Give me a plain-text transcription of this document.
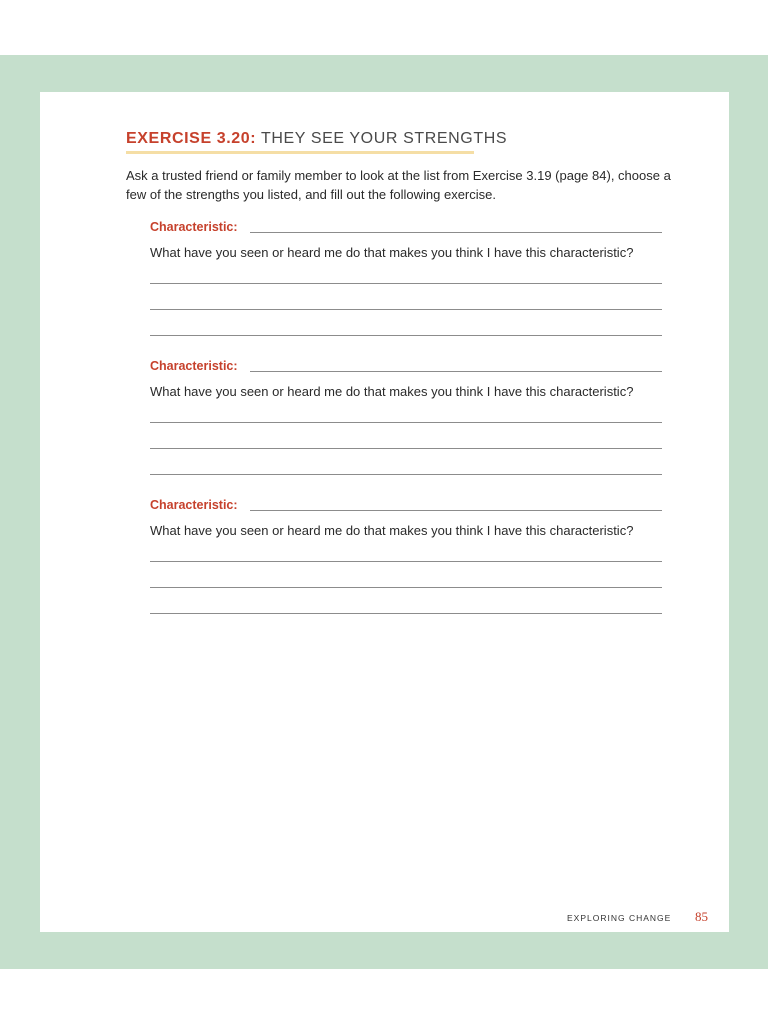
EXERCISE 3.20: THEY SEE YOUR STRENGTHS
Ask a trusted friend or family member to look at the list from Exercise 3.19 (page 84), choose a few of the strengths you listed, and fill out the following exercise.
Characteristic:
What have you seen or heard me do that makes you think I have this characteristic?
Characteristic:
What have you seen or heard me do that makes you think I have this characteristic?
Characteristic:
What have you seen or heard me do that makes you think I have this characteristic?
EXPLORING CHANGE 85
